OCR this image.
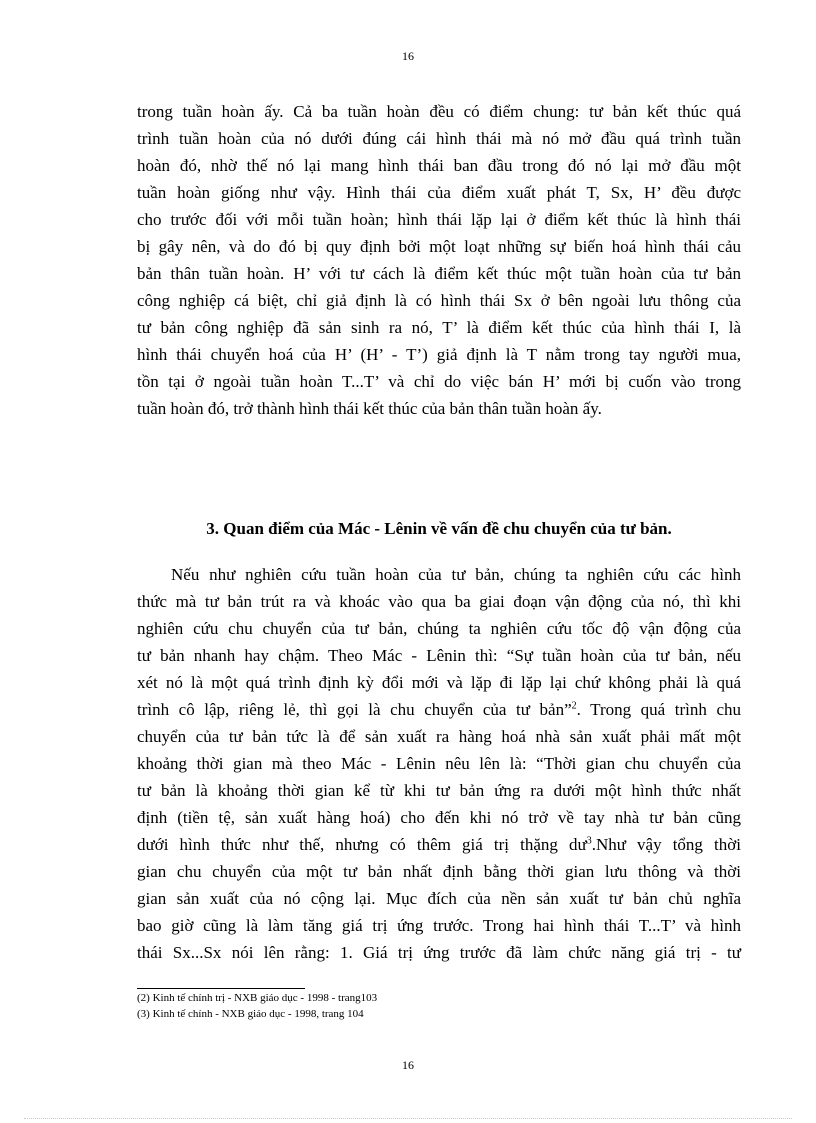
16
trong tuần hoàn ấy. Cả ba tuần hoàn đều có điểm chung: tư bản kết thúc quá
trình tuần hoàn của nó dưới đúng cái hình thái mà nó mở đầu quá trình tuần
hoàn đó, nhờ thế nó lại mang hình thái ban đầu trong đó nó lại mở đầu một
tuần hoàn giống như vậy. Hình thái của điểm xuất phát T, Sx, H’ đều được
cho trước đối với mỗi tuần hoàn; hình thái lặp lại ở điểm kết thúc là hình thái
bị gây nên, và do đó bị quy định bởi một loạt những sự biến hoá hình thái cảu
bản thân tuần hoàn. H’ với tư cách là điểm kết thúc một tuần hoàn của tư bản
công nghiệp cá biệt, chỉ giả định là có hình thái Sx ở bên ngoài lưu thông của
tư bản công nghiệp đã sản sinh ra nó, T’ là điểm kết thúc của hình thái I, là
hình thái chuyển hoá của H’ (H’ - T’) giả định là T nằm trong tay người mua,
tồn tại ở ngoài tuần hoàn T...T’ và chỉ do việc bán H’ mới bị cuốn vào trong
tuần hoàn đó, trở thành hình thái kết thúc của bản thân tuần hoàn ấy.
3. Quan điểm của Mác - Lênin về vấn đề chu chuyển của tư bản.
Nếu như nghiên cứu tuần hoàn của tư bản, chúng ta nghiên cứu các hình
thức mà tư bản trút ra và khoác vào qua ba giai đoạn vận động của nó, thì khi
nghiên cứu chu chuyển của tư bản, chúng ta nghiên cứu tốc độ vận động của
tư bản nhanh hay chậm. Theo Mác - Lênin thì: “Sự tuần hoàn của tư bản, nếu
xét nó là một quá trình định kỳ đổi mới và lặp đi lặp lại chứ không phải là quá
trình cô lập, riêng lẻ, thì gọi là chu chuyển của tư bản”$^2$. Trong quá trình chu
chuyển của tư bản tức là để sản xuất ra hàng hoá nhà sản xuất phải mất một
khoảng thời gian mà theo Mác - Lênin nêu lên là: “Thời gian chu chuyển của
tư bản là khoảng thời gian kể từ khi tư bản ứng ra dưới một hình thức nhất
định (tiền tệ, sản xuất hàng hoá) cho đến khi nó trở về tay nhà tư bản cũng
dưới hình thức như thế, nhưng có thêm giá trị thặng $dư^3.Như$ vậy tổng thời
gian chu chuyển của một tư bản nhất định bằng thời gian lưu thông và thời
gian sản xuất của nó cộng lại. Mục đích của nền sản xuất tư bản chủ nghĩa
bao giờ cũng là làm tăng giá trị ứng trước. Trong hai hình thái T...T’ và hình
thái Sx...Sx nói lên rằng: 1. Giá trị ứng trước đã làm chức năng giá trị - tư
(2) Kinh tế chính trị - NXB giáo dục - 1998 - trang103
(3) Kinh tế chính - NXB giáo dục - 1998, trang 104
16
